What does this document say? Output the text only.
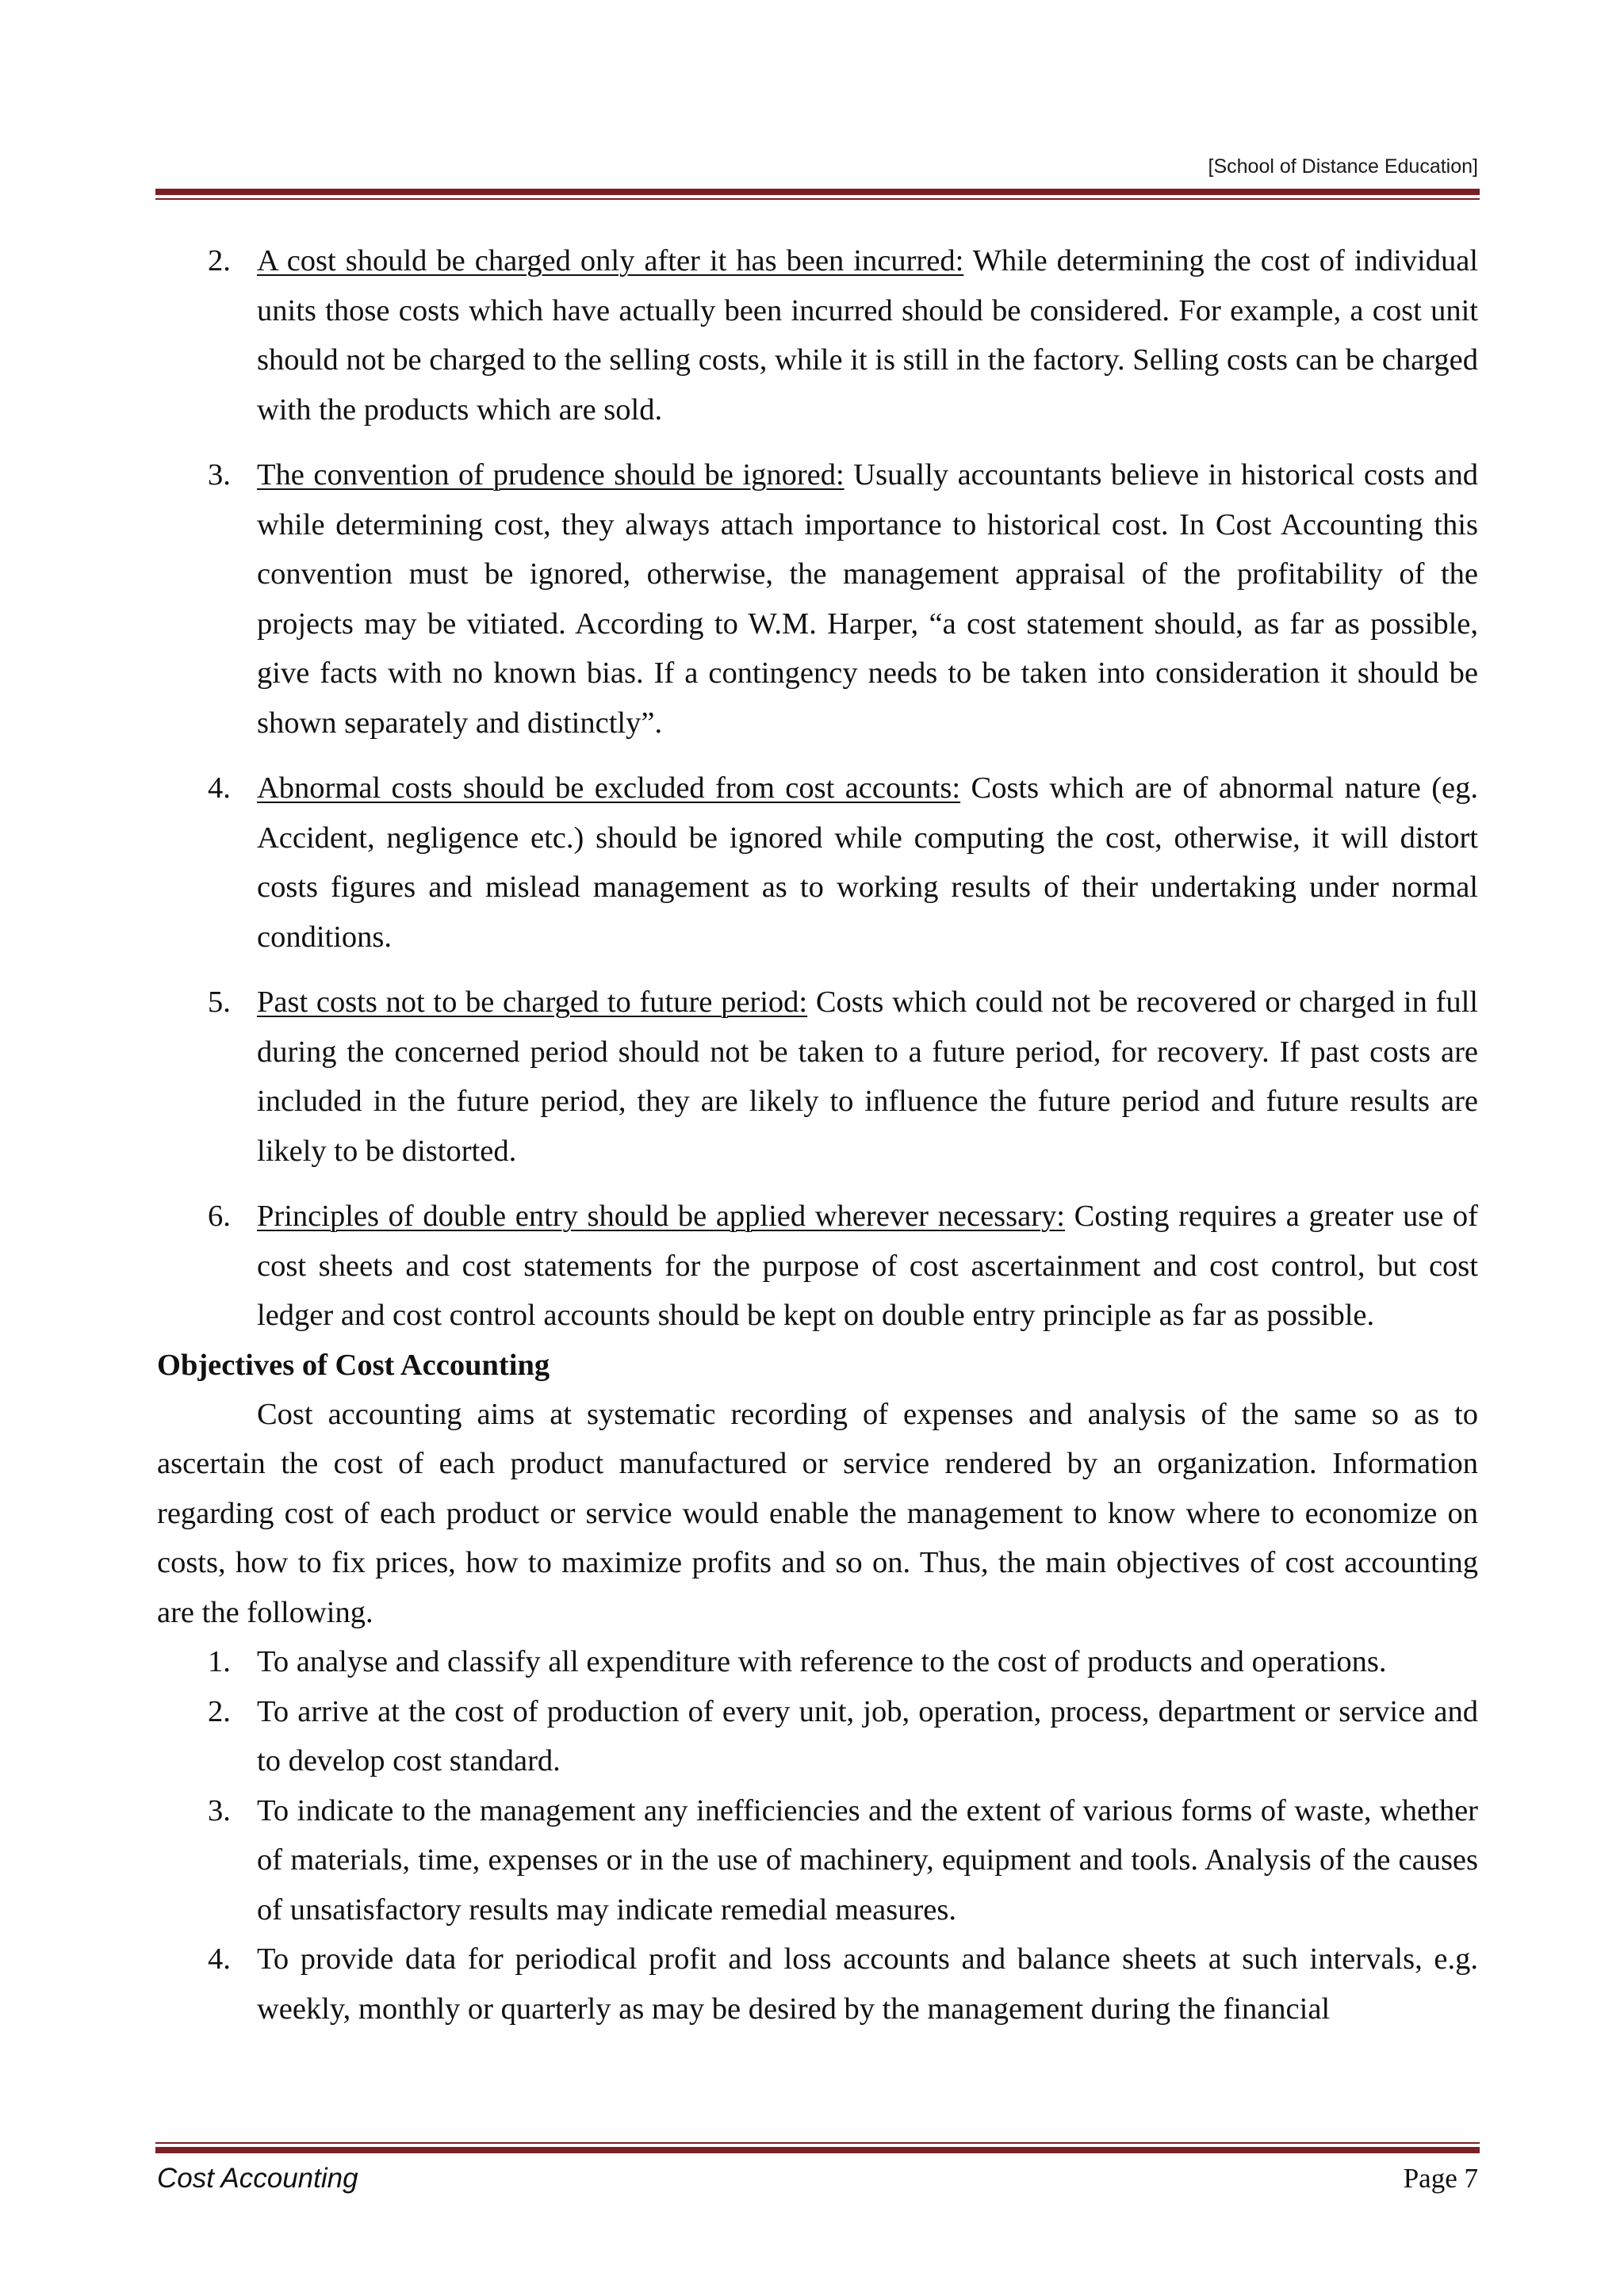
[School of Distance Education]
2. A cost should be charged only after it has been incurred: While determining the cost of individual units those costs which have actually been incurred should be considered. For example, a cost unit should not be charged to the selling costs, while it is still in the factory. Selling costs can be charged with the products which are sold.
3. The convention of prudence should be ignored: Usually accountants believe in historical costs and while determining cost, they always attach importance to historical cost. In Cost Accounting this convention must be ignored, otherwise, the management appraisal of the profitability of the projects may be vitiated. According to W.M. Harper, “a cost statement should, as far as possible, give facts with no known bias. If a contingency needs to be taken into consideration it should be shown separately and distinctly”.
4. Abnormal costs should be excluded from cost accounts: Costs which are of abnormal nature (eg. Accident, negligence etc.) should be ignored while computing the cost, otherwise, it will distort costs figures and mislead management as to working results of their undertaking under normal conditions.
5. Past costs not to be charged to future period: Costs which could not be recovered or charged in full during the concerned period should not be taken to a future period, for recovery. If past costs are included in the future period, they are likely to influence the future period and future results are likely to be distorted.
6. Principles of double entry should be applied wherever necessary: Costing requires a greater use of cost sheets and cost statements for the purpose of cost ascertainment and cost control, but cost ledger and cost control accounts should be kept on double entry principle as far as possible.

Objectives of Cost Accounting

Cost accounting aims at systematic recording of expenses and analysis of the same so as to ascertain the cost of each product manufactured or service rendered by an organization. Information regarding cost of each product or service would enable the management to know where to economize on costs, how to fix prices, how to maximize profits and so on. Thus, the main objectives of cost accounting are the following.

1. To analyse and classify all expenditure with reference to the cost of products and operations.
2. To arrive at the cost of production of every unit, job, operation, process, department or service and to develop cost standard.
3. To indicate to the management any inefficiencies and the extent of various forms of waste, whether of materials, time, expenses or in the use of machinery, equipment and tools. Analysis of the causes of unsatisfactory results may indicate remedial measures.
4. To provide data for periodical profit and loss accounts and balance sheets at such intervals, e.g. weekly, monthly or quarterly as may be desired by the management during the financial
Cost Accounting	Page 7
